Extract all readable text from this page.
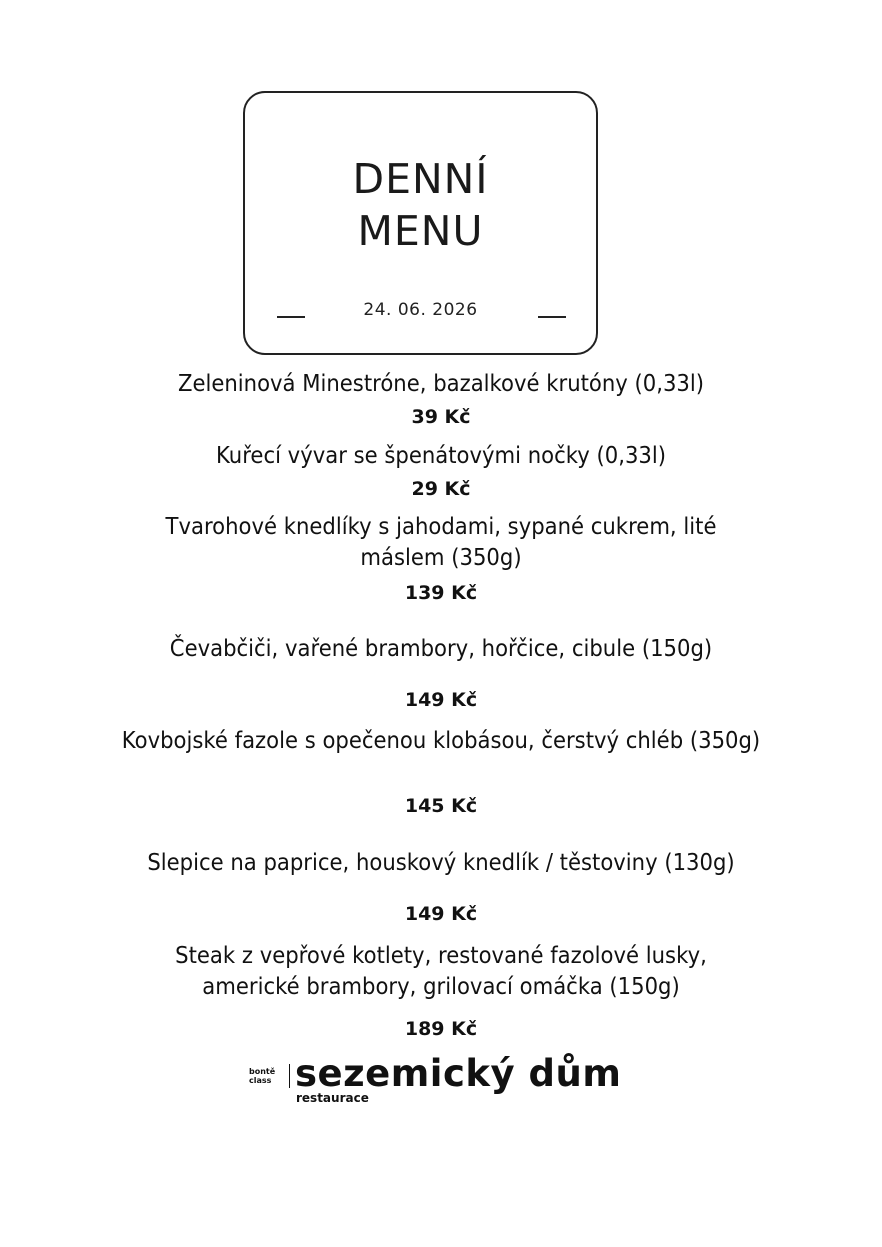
DENNÍ
MENU
24. 06. 2026
Zeleninová Minestróne, bazalkové krutóny (0,33l)
39 Kč
Kuřecí vývar se špenátovými nočky (0,33l)
29 Kč
Tvarohové knedlíky s jahodami, sypané cukrem, lité máslem (350g)
139 Kč
Čevabčiči, vařené brambory, hořčice, cibule (150g)
149 Kč
Kovbojské fazole s opečenou klobásou, čerstvý chléb (350g)
145 Kč
Slepice na paprice, houskový knedlík / těstoviny (130g)
149 Kč
Steak z vepřové kotlety, restované fazolové lusky, americké brambory, grilovací omáčka (150g)
189 Kč
bontě
class sezemický dům
restaurace
